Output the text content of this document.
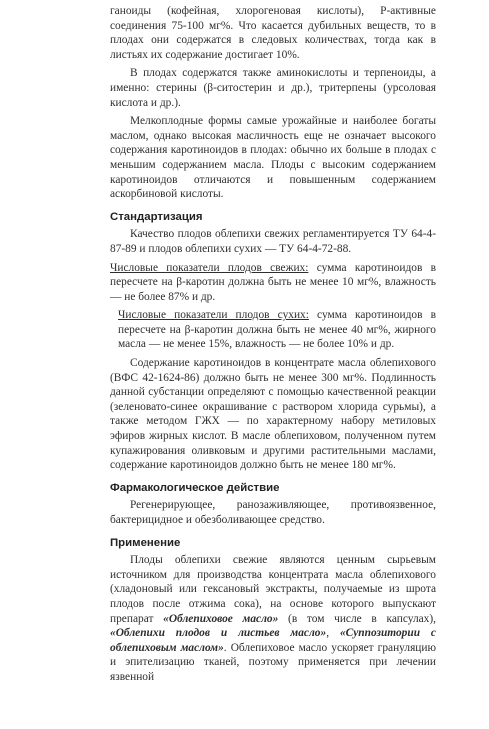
ганоиды (кофейная, хлорогеновая кислоты), Р-активные соединения 75-100 мг%. Что касается дубильных веществ, то в плодах они содержатся в следовых количествах, тогда как в листьях их содержание достигает 10%.

В плодах содержатся также аминокислоты и терпеноиды, а именно: стерины (β-ситостерин и др.), тритерпены (урсоловая кислота и др.).

Мелкоплодные формы самые урожайные и наиболее богаты маслом, однако высокая масличность еще не означает высокого содержания каротиноидов в плодах: обычно их больше в плодах с меньшим содержанием масла. Плоды с высоким содержанием каротиноидов отличаются и повышенным содержанием аскорбиновой кислоты.

Стандартизация

Качество плодов облепихи свежих регламентируется ТУ 64-4-87-89 и плодов облепихи сухих — ТУ 64-4-72-88.

Числовые показатели плодов свежих: сумма каротиноидов в пересчете на β-каротин должна быть не менее 10 мг%, влажность — не более 87% и др.

Числовые показатели плодов сухих: сумма каротиноидов в пересчете на β-каротин должна быть не менее 40 мг%, жирного масла — не менее 15%, влажность — не более 10% и др.

Содержание каротиноидов в концентрате масла облепихового (ВФС 42-1624-86) должно быть не менее 300 мг%. Подлинность данной субстанции определяют с помощью качественной реакции (зеленовато-синее окрашивание с раствором хлорида сурьмы), а также методом ГЖХ — по характерному набору метиловых эфиров жирных кислот. В масле облепиховом, полученном путем купажирования оливковым и другими растительными маслами, содержание каротиноидов должно быть не менее 180 мг%.

Фармакологическое действие

Регенерирующее, ранозаживляющее, противоязвенное, бактерицидное и обезболивающее средство.

Применение

Плоды облепихи свежие являются ценным сырьевым источником для производства концентрата масла облепихового (хладоновый или гексановый экстракты, получаемые из шрота плодов после отжима сока), на основе которого выпускают препарат «Облепиховое масло» (в том числе в капсулах), «Облепихи плодов и листьев масло», «Суппозитории с облепиховым маслом». Облепиховое масло ускоряет грануляцию и эпителизацию тканей, поэтому применяется при лечении язвенной
